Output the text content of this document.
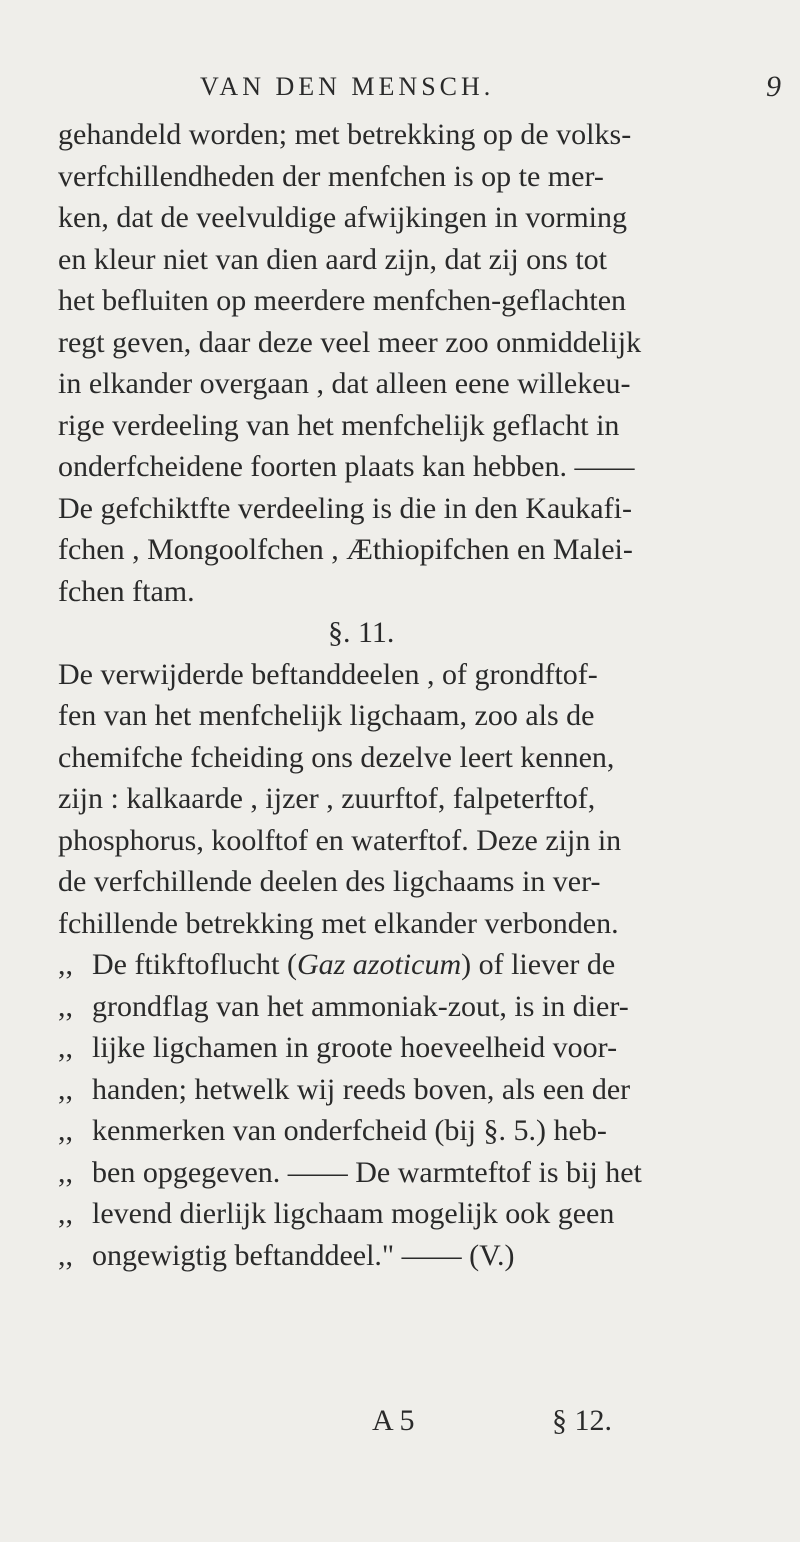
VAN DEN MENSCH.	9
gehandeld worden; met betrekking op de volks-
verfchillendheden der menfchen is op te mer-
ken, dat de veelvuldige afwijkingen in vorming
en kleur niet van dien aard zijn, dat zij ons tot
het befluiten op meerdere menfchen-geflachten
regt geven, daar deze veel meer zoo onmiddelijk
in elkander overgaan , dat alleen eene willekeu-
rige verdeeling van het menfchelijk geflacht in
onderfcheidene foorten plaats kan hebben. ——
De gefchiktfte verdeeling is die in den Kaukafi-
fchen , Mongoolfchen , Æthiopifchen en Malei-
fchen ftam.
§. 11.
De verwijderde beftanddeelen , of grondftof-
fen van het menfchelijk ligchaam, zoo als de
chemifche fcheiding ons dezelve leert kennen,
zijn : kalkaarde , ijzer , zuurftof, falpeterftof,
phosphorus, koolftof en waterftof. Deze zijn in
de verfchillende deelen des ligchaams in ver-
fchillende betrekking met elkander verbonden.
,, De ftikftoflucht (Gaz azoticum) of liever de
,, grondflag van het ammoniak-zout, is in dier-
,, lijke ligchamen in groote hoeveelheid voor-
,, handen; hetwelk wij reeds boven, als een der
,, kenmerken van onderfcheid (bij §. 5.) heb-
,, ben opgegeven. —— De warmteftof is bij het
,, levend dierlijk ligchaam mogelijk ook geen
,, ongewigtig beftanddeel." —— (V.)
A 5	§ 12.
